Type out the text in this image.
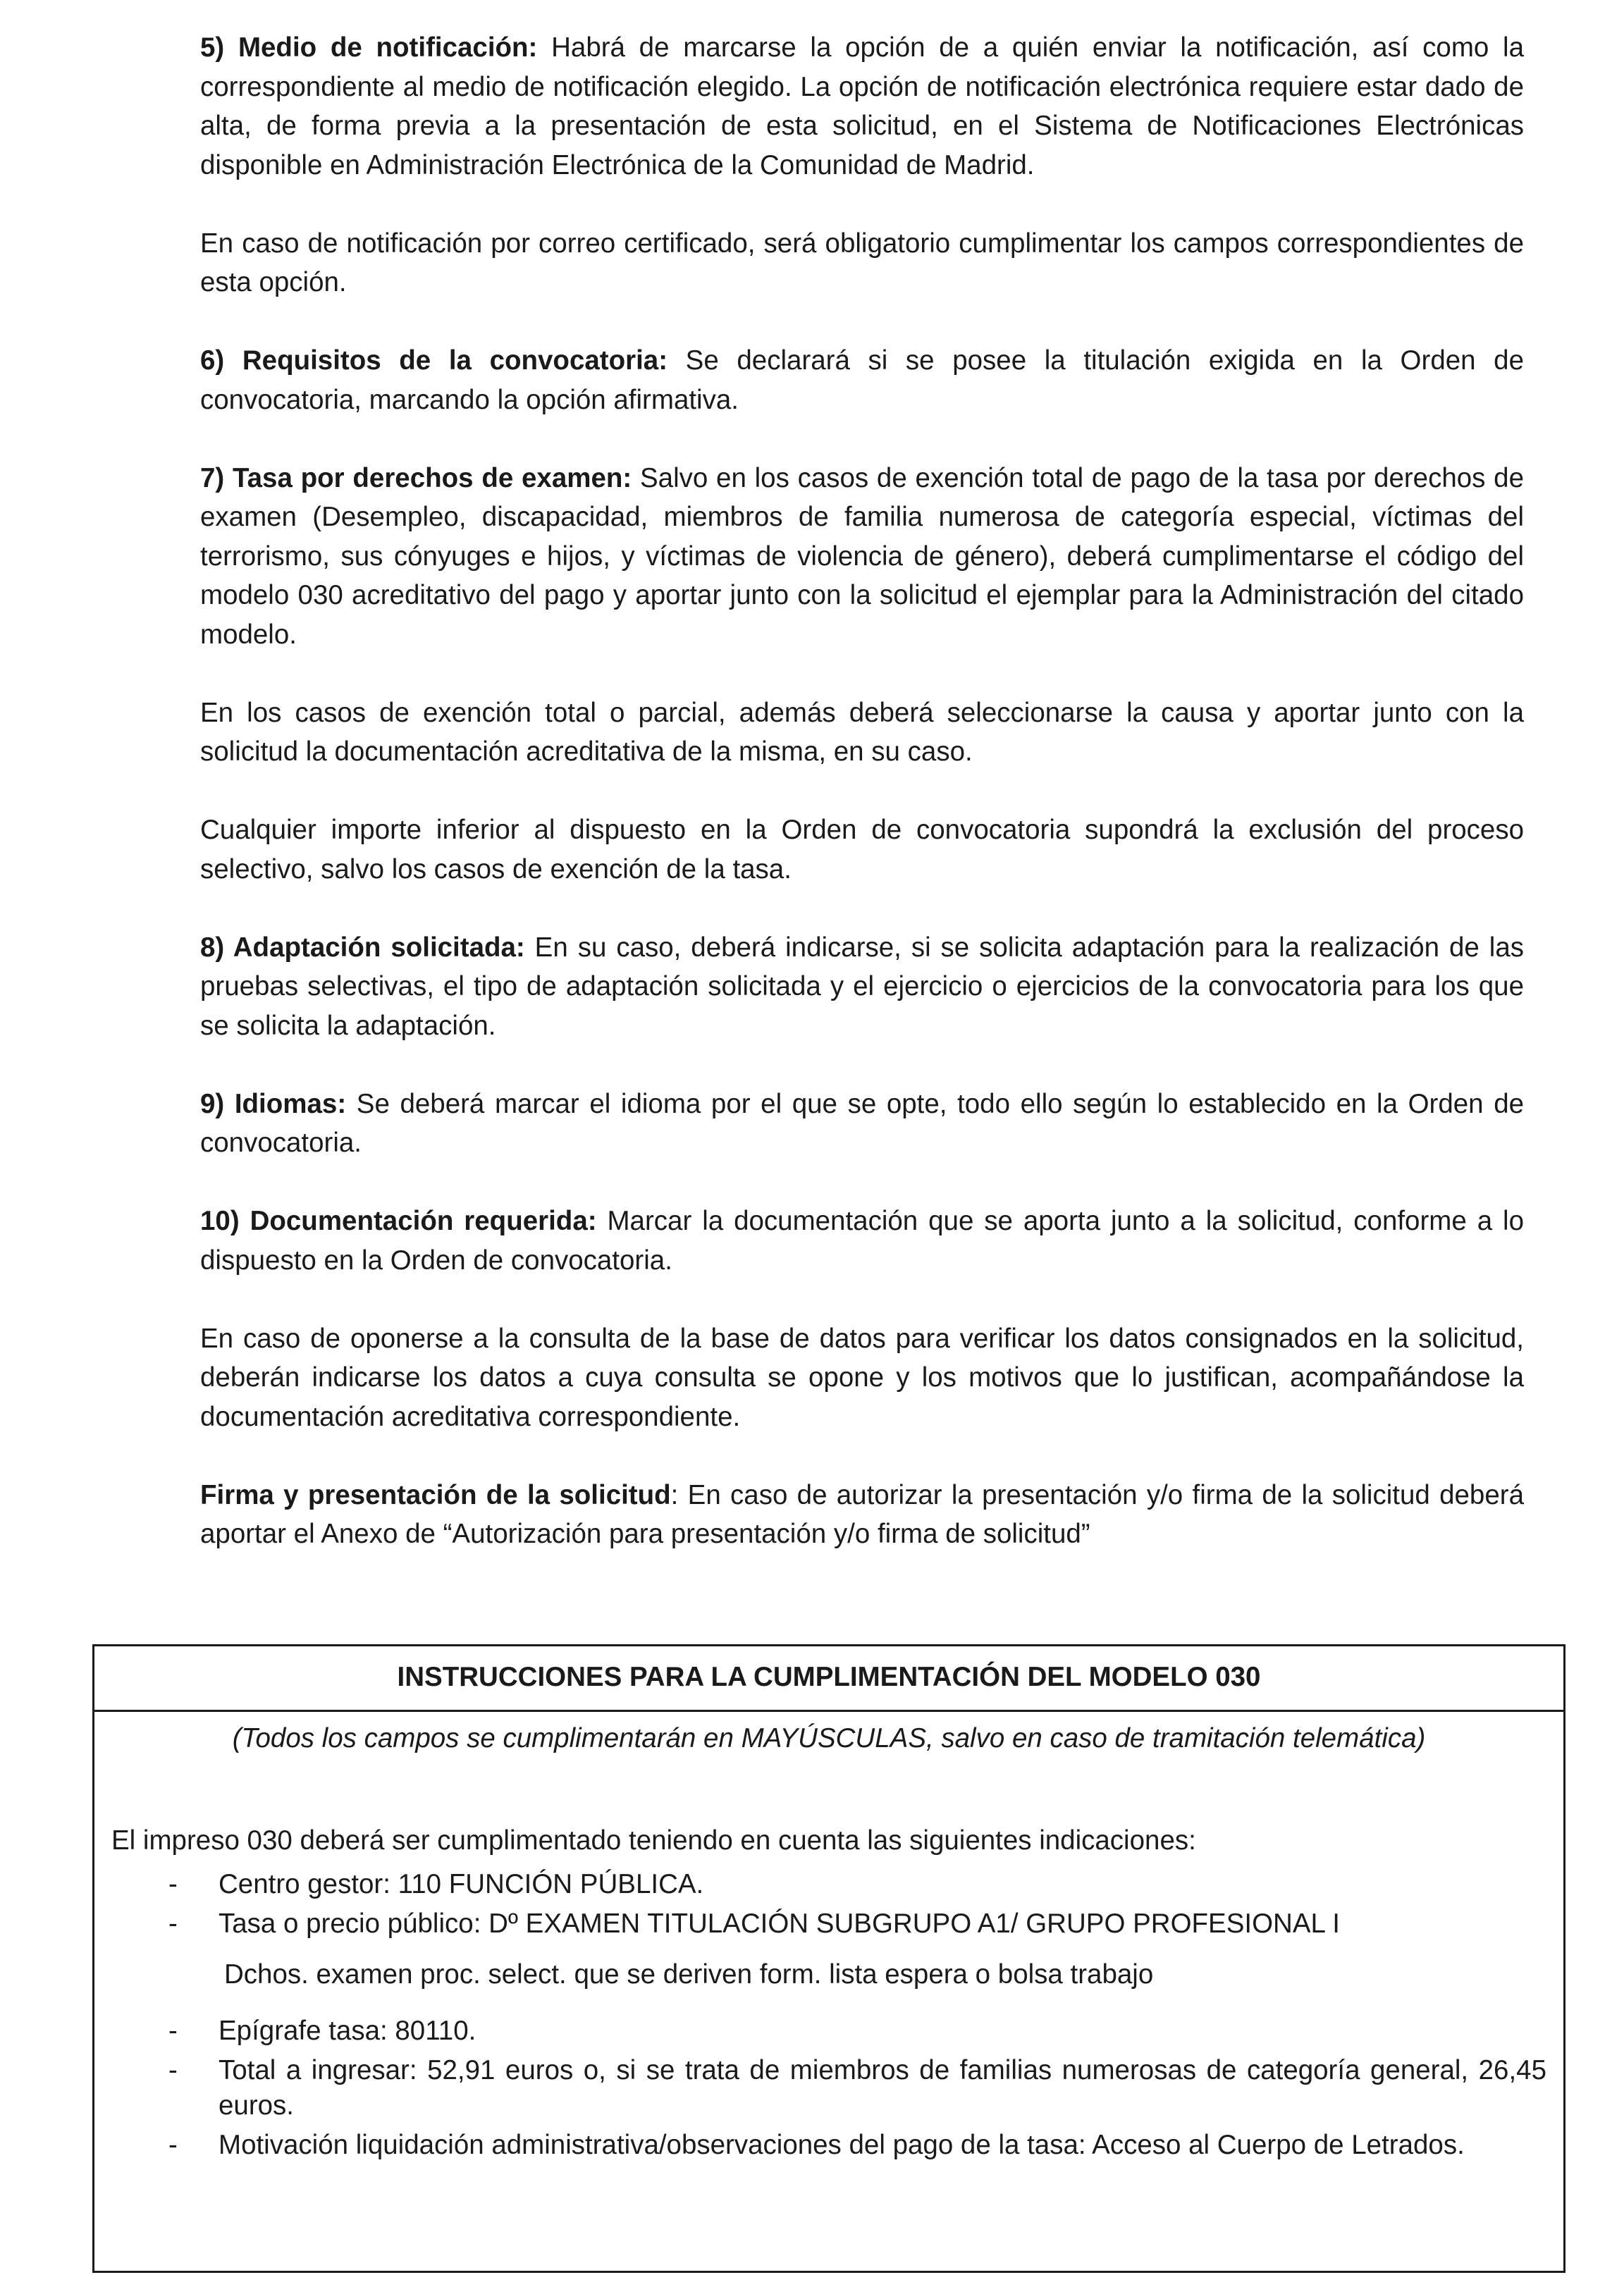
5) Medio de notificación: Habrá de marcarse la opción de a quién enviar la notificación, así como la correspondiente al medio de notificación elegido. La opción de notificación electrónica requiere estar dado de alta, de forma previa a la presentación de esta solicitud, en el Sistema de Notificaciones Electrónicas disponible en Administración Electrónica de la Comunidad de Madrid.

En caso de notificación por correo certificado, será obligatorio cumplimentar los campos correspondientes de esta opción.

6) Requisitos de la convocatoria: Se declarará si se posee la titulación exigida en la Orden de convocatoria, marcando la opción afirmativa.

7) Tasa por derechos de examen: Salvo en los casos de exención total de pago de la tasa por derechos de examen (Desempleo, discapacidad, miembros de familia numerosa de categoría especial, víctimas del terrorismo, sus cónyuges e hijos, y víctimas de violencia de género), deberá cumplimentarse el código del modelo 030 acreditativo del pago y aportar junto con la solicitud el ejemplar para la Administración del citado modelo.

En los casos de exención total o parcial, además deberá seleccionarse la causa y aportar junto con la solicitud la documentación acreditativa de la misma, en su caso.

Cualquier importe inferior al dispuesto en la Orden de convocatoria supondrá la exclusión del proceso selectivo, salvo los casos de exención de la tasa.

8) Adaptación solicitada: En su caso, deberá indicarse, si se solicita adaptación para la realización de las pruebas selectivas, el tipo de adaptación solicitada y el ejercicio o ejercicios de la convocatoria para los que se solicita la adaptación.

9) Idiomas: Se deberá marcar el idioma por el que se opte, todo ello según lo establecido en la Orden de convocatoria.

10) Documentación requerida: Marcar la documentación que se aporta junto a la solicitud, conforme a lo dispuesto en la Orden de convocatoria.

En caso de oponerse a la consulta de la base de datos para verificar los datos consignados en la solicitud, deberán indicarse los datos a cuya consulta se opone y los motivos que lo justifican, acompañándose la documentación acreditativa correspondiente.

Firma y presentación de la solicitud: En caso de autorizar la presentación y/o firma de la solicitud deberá aportar el Anexo de “Autorización para presentación y/o firma de solicitud”

INSTRUCCIONES PARA LA CUMPLIMENTACIÓN DEL MODELO 030
(Todos los campos se cumplimentarán en MAYÚSCULAS, salvo en caso de tramitación telemática)
El impreso 030 deberá ser cumplimentado teniendo en cuenta las siguientes indicaciones:
- Centro gestor: 110 FUNCIÓN PÚBLICA.
- Tasa o precio público: Dº EXAMEN TITULACIÓN SUBGRUPO A1/ GRUPO PROFESIONAL I
Dchos. examen proc. select. que se deriven form. lista espera o bolsa trabajo
- Epígrafe tasa: 80110.
- Total a ingresar: 52,91 euros o, si se trata de miembros de familias numerosas de categoría general, 26,45 euros.
- Motivación liquidación administrativa/observaciones del pago de la tasa: Acceso al Cuerpo de Letrados.
